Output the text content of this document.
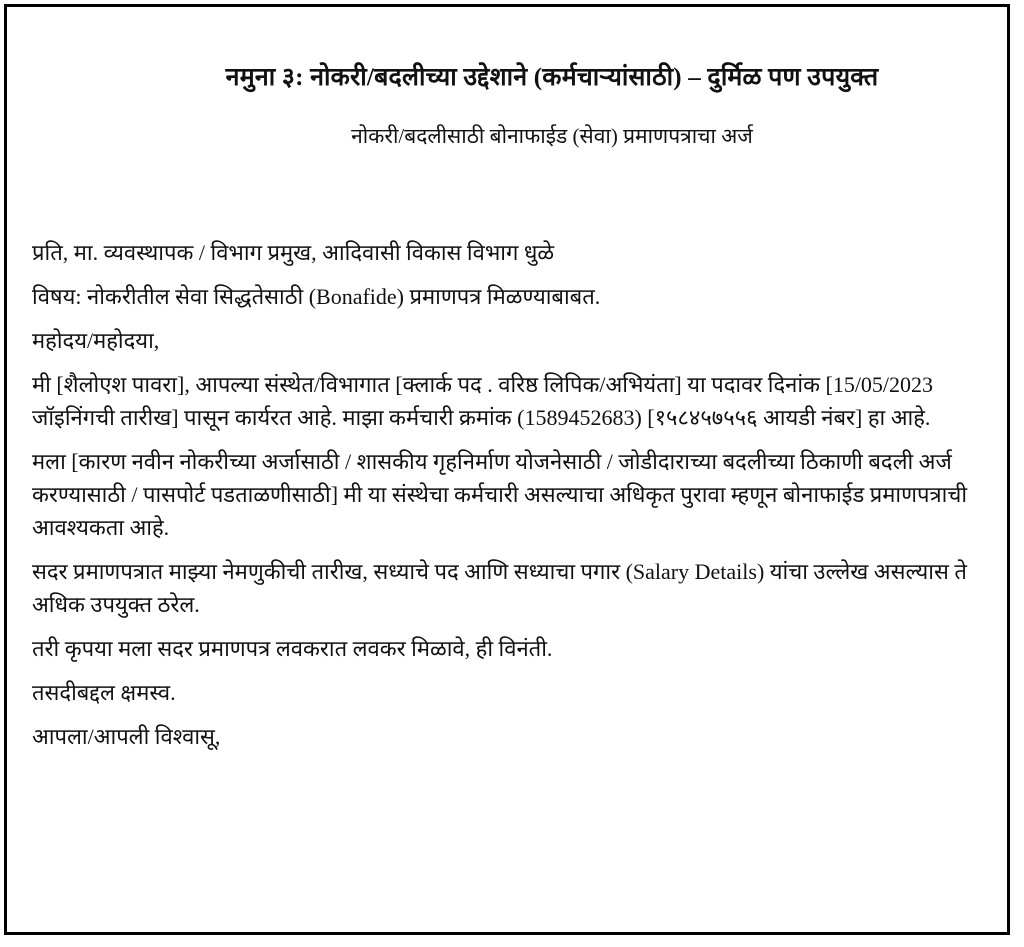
नमुना ३: नोकरी/बदलीच्या उद्देशाने (कर्मचाऱ्यांसाठी) – दुर्मिळ पण उपयुक्त
नोकरी/बदलीसाठी बोनाफाईड (सेवा) प्रमाणपत्राचा अर्ज

प्रति, मा. व्यवस्थापक / विभाग प्रमुख, आदिवासी विकास विभाग धुळे

विषय: नोकरीतील सेवा सिद्धतेसाठी (Bonafide) प्रमाणपत्र मिळण्याबाबत.

महोदय/महोदया,

मी [शैलोएश पावरा], आपल्या संस्थेत/विभागात [क्लार्क पद . वरिष्ठ लिपिक/अभियंता] या पदावर दिनांक [15/05/2023 जॉइनिंगची तारीख] पासून कार्यरत आहे. माझा कर्मचारी क्रमांक (1589452683) [१५८४५७५५६ आयडी नंबर] हा आहे.

मला [कारण नवीन नोकरीच्या अर्जासाठी / शासकीय गृहनिर्माण योजनेसाठी / जोडीदाराच्या बदलीच्या ठिकाणी बदली अर्ज करण्यासाठी / पासपोर्ट पडताळणीसाठी] मी या संस्थेचा कर्मचारी असल्याचा अधिकृत पुरावा म्हणून बोनाफाईड प्रमाणपत्राची आवश्यकता आहे.

सदर प्रमाणपत्रात माझ्या नेमणुकीची तारीख, सध्याचे पद आणि सध्याचा पगार (Salary Details) यांचा उल्लेख असल्यास ते अधिक उपयुक्त ठरेल.

तरी कृपया मला सदर प्रमाणपत्र लवकरात लवकर मिळावे, ही विनंती.

तसदीबद्दल क्षमस्व.

आपला/आपली विश्वासू,
